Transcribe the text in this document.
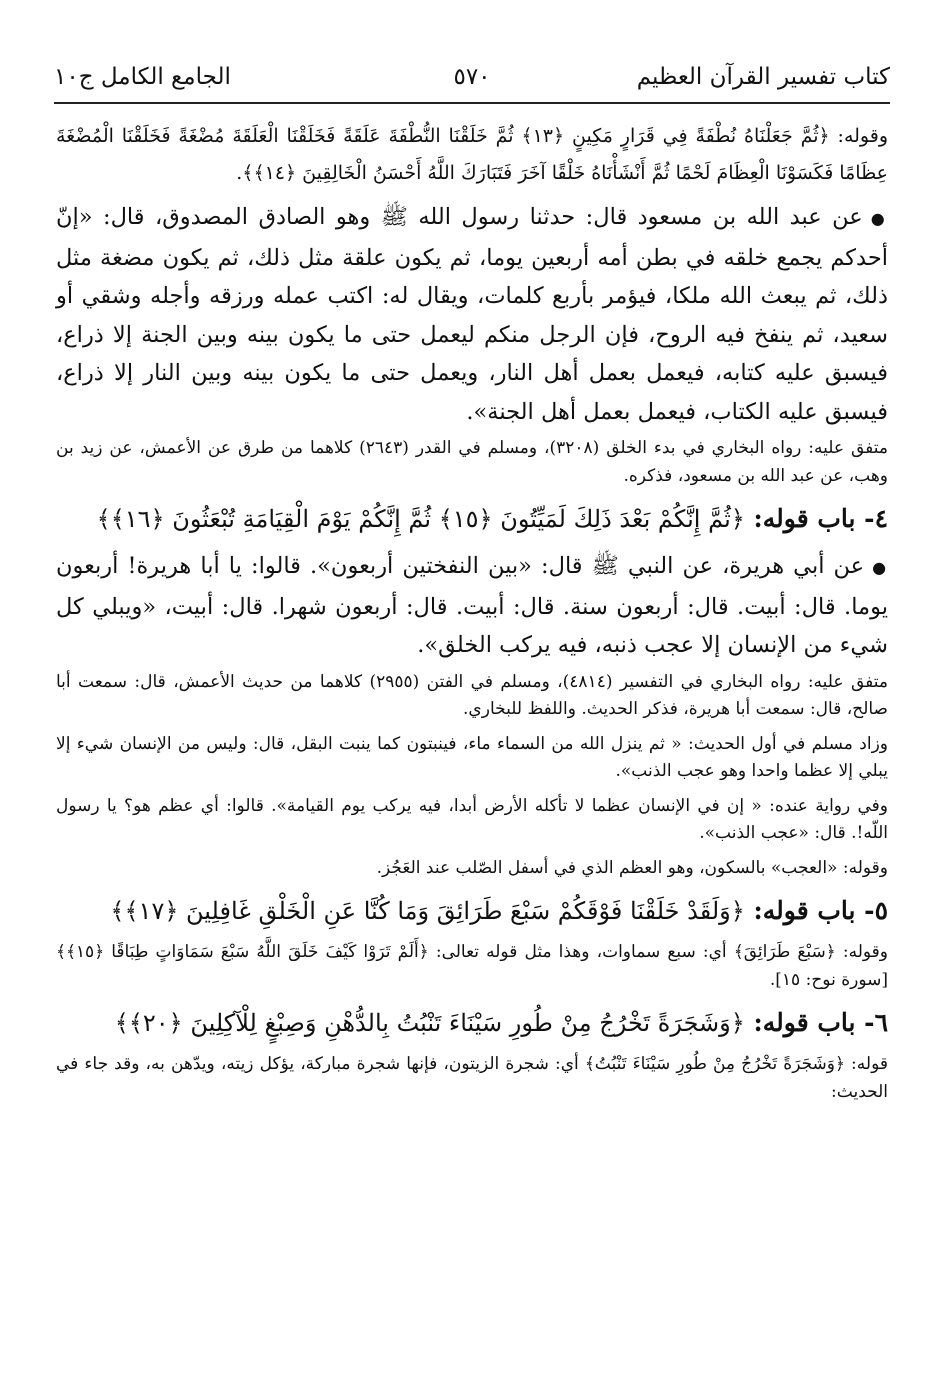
كتاب تفسير القرآن العظيم
٥٧٠
الجامع الكامل ج١٠

وقوله: ﴿ثُمَّ جَعَلْنَاهُ نُطْفَةً فِي قَرَارٍ مَكِينٍ ﴿١٣﴾ ثُمَّ خَلَقْنَا النُّطْفَةَ عَلَقَةً فَخَلَقْنَا الْعَلَقَةَ مُضْغَةً فَخَلَقْنَا الْمُضْغَةَ عِظَامًا فَكَسَوْنَا الْعِظَامَ لَحْمًا ثُمَّ أَنْشَأْنَاهُ خَلْقًا آخَرَ فَتَبَارَكَ اللَّهُ أَحْسَنُ الْخَالِقِينَ ﴿١٤﴾﴾.

●عن عبد الله بن مسعود قال: حدثنا رسول الله ﷺ وهو الصادق المصدوق، قال: «إنّ أحدكم يجمع خلقه في بطن أمه أربعين يوما، ثم يكون علقة مثل ذلك، ثم يكون مضغة مثل ذلك، ثم يبعث الله ملكا، فيؤمر بأربع كلمات، ويقال له: اكتب عمله ورزقه وأجله وشقي أو سعيد، ثم ينفخ فيه الروح، فإن الرجل منكم ليعمل حتى ما يكون بينه وبين الجنة إلا ذراع، فيسبق عليه كتابه، فيعمل بعمل أهل النار، ويعمل حتى ما يكون بينه وبين النار إلا ذراع، فيسبق عليه الكتاب، فيعمل بعمل أهل الجنة».

متفق عليه: رواه البخاري في بدء الخلق (٣٢٠٨)، ومسلم في القدر (٢٦٤٣) كلاهما من طرق عن الأعمش، عن زيد بن وهب، عن عبد الله بن مسعود، فذكره.

٤- باب قوله: ﴿ثُمَّ إِنَّكُمْ بَعْدَ ذَلِكَ لَمَيِّتُونَ ﴿١٥﴾ ثُمَّ إِنَّكُمْ يَوْمَ الْقِيَامَةِ تُبْعَثُونَ ﴿١٦﴾﴾

●عن أبي هريرة، عن النبي ﷺ قال: «بين النفختين أربعون». قالوا: يا أبا هريرة! أربعون يوما. قال: أبيت. قال: أربعون سنة. قال: أبيت. قال: أربعون شهرا. قال: أبيت، «ويبلي كل شيء من الإنسان إلا عجب ذنبه، فيه يركب الخلق».

متفق عليه: رواه البخاري في التفسير (٤٨١٤)، ومسلم في الفتن (٢٩٥٥) كلاهما من حديث الأعمش، قال: سمعت أبا صالح، قال: سمعت أبا هريرة، فذكر الحديث. واللفظ للبخاري.

وزاد مسلم في أول الحديث: « ثم ينزل الله من السماء ماء، فينبتون كما ينبت البقل، قال: وليس من الإنسان شيء إلا يبلي إلا عظما واحدا وهو عجب الذنب».

وفي رواية عنده: « إن في الإنسان عظما لا تأكله الأرض أبدا، فيه يركب يوم القيامة». قالوا: أي عظم هو؟ يا رسول اللّه!. قال: «عجب الذنب».

وقوله: «العجب» بالسكون، وهو العظم الذي في أسفل الصّلب عند العَجُز.

٥- باب قوله: ﴿وَلَقَدْ خَلَقْنَا فَوْقَكُمْ سَبْعَ طَرَائِقَ وَمَا كُنَّا عَنِ الْخَلْقِ غَافِلِينَ ﴿١٧﴾﴾

وقوله: ﴿سَبْعَ طَرَائِقَ﴾ أي: سبع سماوات، وهذا مثل قوله تعالى: ﴿أَلَمْ تَرَوْا كَيْفَ خَلَقَ اللَّهُ سَبْعَ سَمَاوَاتٍ طِبَاقًا ﴿١٥﴾﴾ [سورة نوح: ١٥].

٦- باب قوله: ﴿وَشَجَرَةً تَخْرُجُ مِنْ طُورِ سَيْنَاءَ تَنْبُتُ بِالدُّهْنِ وَصِبْغٍ لِلْآكِلِينَ ﴿٢٠﴾﴾

قوله: ﴿وَشَجَرَةً تَخْرُجُ مِنْ طُورِ سَيْنَاءَ تَنْبُتُ﴾ أي: شجرة الزيتون، فإنها شجرة مباركة، يؤكل زيته، ويدّهن به، وقد جاء في الحديث:
